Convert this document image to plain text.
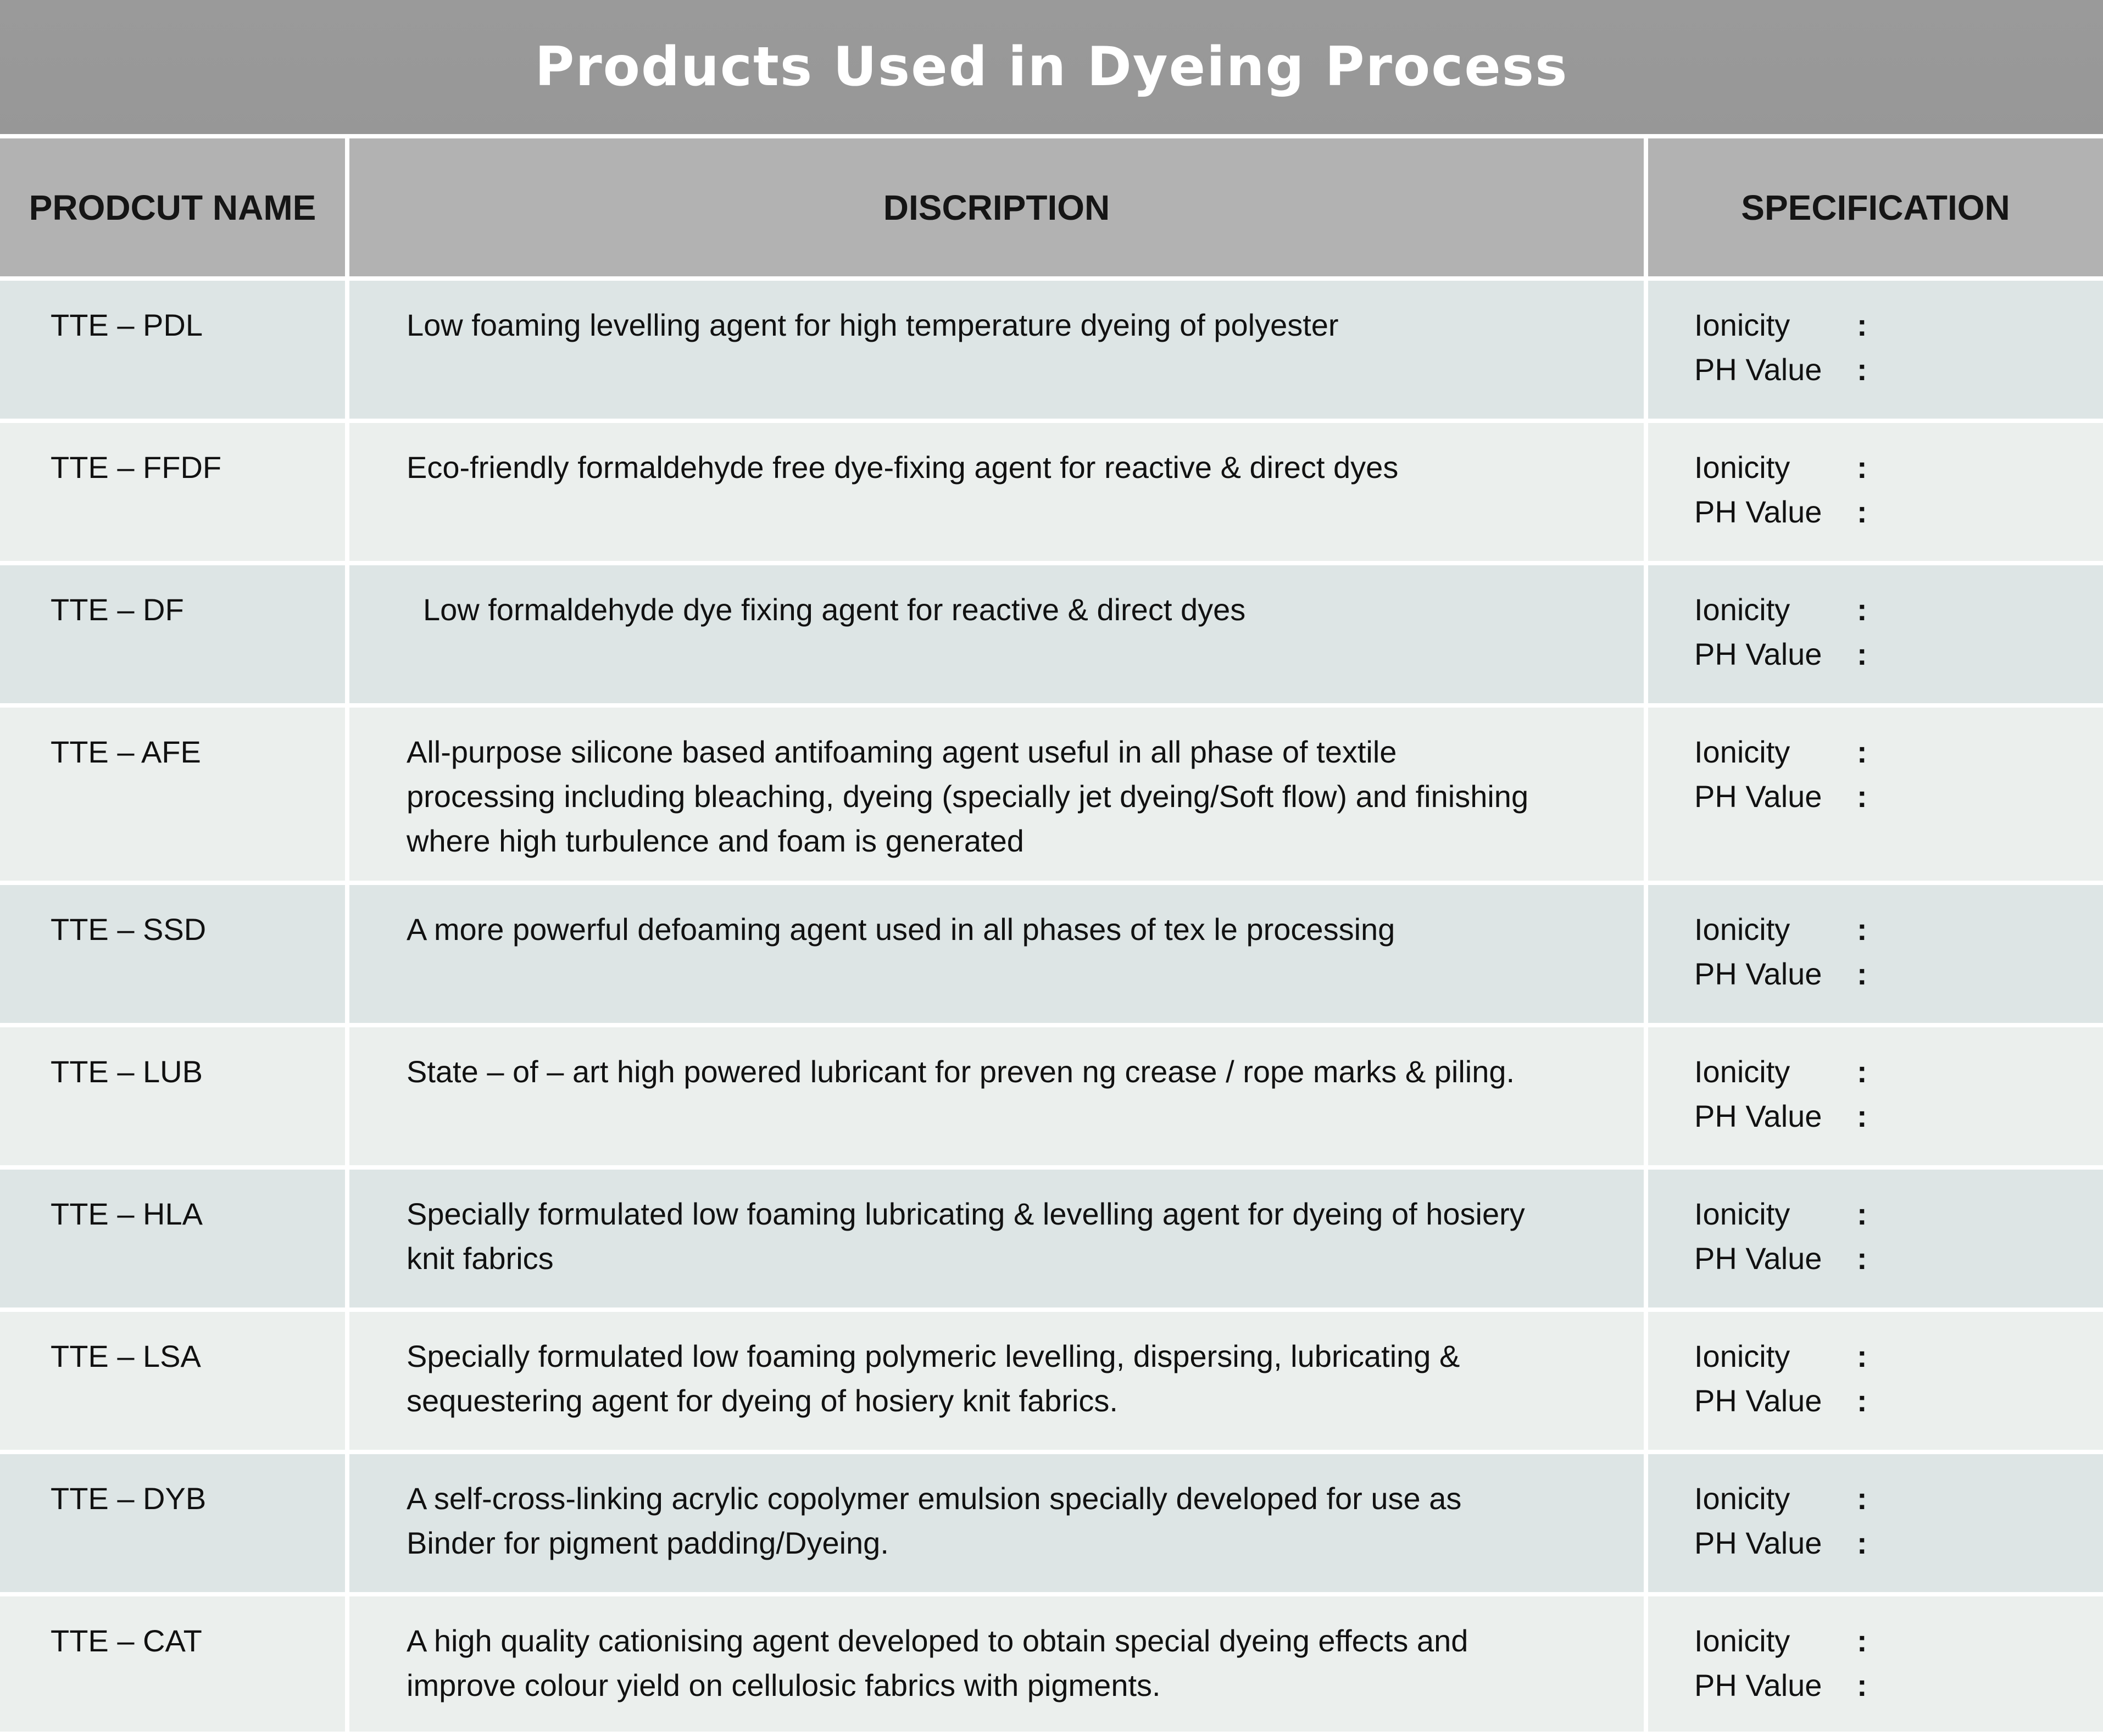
Products Used in Dyeing Process
PRODCUT NAME	DISCRIPTION	SPECIFICATION
TTE – PDL	Low foaming levelling agent for high temperature dyeing of polyester	Ionicity	:
PH Value	:
TTE – FFDF	Eco-friendly formaldehyde free dye-fixing agent for reactive & direct dyes	Ionicity	:
PH Value	:
TTE – DF	Low formaldehyde dye fixing agent for reactive & direct dyes	Ionicity	:
PH Value	:
TTE – AFE	All-purpose silicone based antifoaming agent useful in all phase of textile
processing including bleaching, dyeing (specially jet dyeing/Soft flow) and finishing
where high turbulence and foam is generated
Ionicity	:
PH Value	:
TTE – SSD	A more powerful defoaming agent used in all phases of tex le processing	Ionicity	:
PH Value	:
TTE – LUB	State – of – art high powered lubricant for preven ng crease / rope marks & piling.	Ionicity	:
PH Value	:
TTE – HLA	Specially formulated low foaming lubricating & levelling agent for dyeing of hosiery
knit fabrics
Ionicity	:
PH Value	:
TTE – LSA	Specially formulated low foaming polymeric levelling, dispersing, lubricating &
sequestering agent for dyeing of hosiery knit fabrics.
Ionicity	:
PH Value	:
TTE – DYB	A self-cross-linking acrylic copolymer emulsion specially developed for use as
Binder for pigment padding/Dyeing.
Ionicity	:
PH Value	:
TTE – CAT	A high quality cationising agent developed to obtain special dyeing effects and
improve colour yield on cellulosic fabrics with pigments.
Ionicity	:
PH Value	:
